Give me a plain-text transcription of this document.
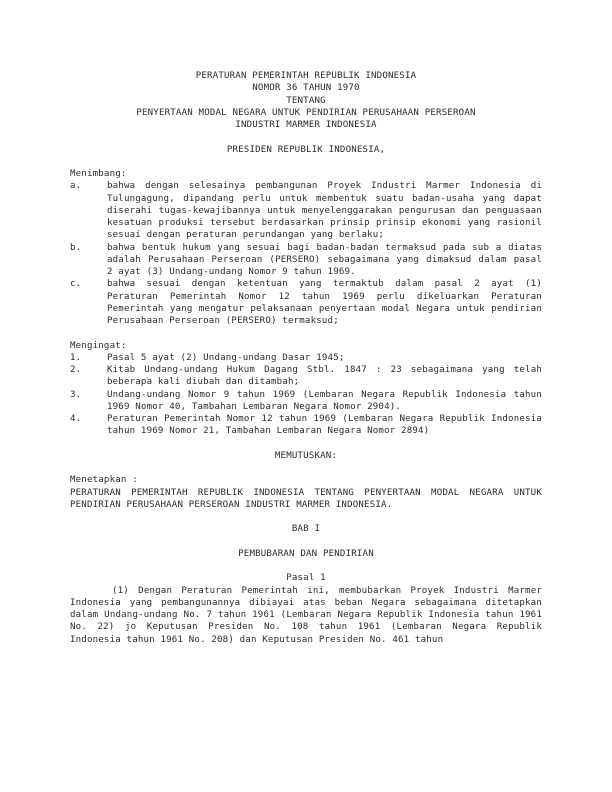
PERATURAN PEMERINTAH REPUBLIK INDONESIA
NOMOR 36 TAHUN 1970
TENTANG
PENYERTAAN MODAL NEGARA UNTUK PENDIRIAN PERUSAHAAN PERSEROAN
INDUSTRI MARMER INDONESIA
PRESIDEN REPUBLIK INDONESIA,
Menimbang:
a.	bahwa dengan selesainya pembangunan Proyek Industri Marmer Indonesia di Tulungagung, dipandang perlu untuk membentuk suatu badan-usaha yang dapat diserahi tugas-kewajibannya untuk menyelenggarakan pengurusan dan penguasaan kesatuan produksi tersebut berdasarkan prinsip prinsip ekonomi yang rasionil sesuai dengan peraturan perundangan yang berlaku;
b.	bahwa bentuk hukum yang sesuai bagi badan-badan termaksud pada sub a diatas adalah Perusahaan Perseroan (PERSERO) sebagaimana yang dimaksud dalam pasal 2 ayat (3) Undang-undang Nomor 9 tahun 1969.
c.	bahwa sesuai dengan ketentuan yang termaktub dalam pasal 2 ayat (1) Peraturan Pemerintah Nomor 12 tahun 1969 perlu dikeluarkan Peraturan Pemerintah yang mengatur pelaksanaan penyertaan modal Negara untuk pendirian Perusahaan Perseroan (PERSERO) termaksud;
Mengingat:
1.	Pasal 5 ayat (2) Undang-undang Dasar 1945;
2.	Kitab Undang-undang Hukum Dagang Stbl. 1847 : 23 sebagaimana yang telah beberapa kali diubah dan ditambah;
3.	Undang-undang Nomor 9 tahun 1969 (Lembaran Negara Republik Indonesia tahun 1969 Nomor 40, Tambahan Lembaran Negara Nomor 2904).
4.	Peraturan Pemerintah Nomor 12 tahun 1969 (Lembaran Negara Republik Indonesia tahun 1969 Nomor 21, Tambahan Lembaran Negara Nomor 2894)
MEMUTUSKAN:
Menetapkan :
PERATURAN PEMERINTAH REPUBLIK INDONESIA TENTANG PENYERTAAN MODAL NEGARA UNTUK PENDIRIAN PERUSAHAAN PERSEROAN INDUSTRI MARMER INDONESIA.
BAB I
PEMBUBARAN DAN PENDIRIAN
Pasal 1
(1) Dengan Peraturan Pemerintah ini, membubarkan Proyek Industri Marmer Indonesia yang pembangunannya dibiayai atas beban Negara sebagaimana ditetapkan dalam Undang-undang No. 7 tahun 1961 (Lembaran Negara Republik Indonesia tahun 1961 No. 22) jo Keputusan Presiden No. 108 tahun 1961 (Lembaran Negara Republik Indonesia tahun 1961 No. 208) dan Keputusan Presiden No. 461 tahun
